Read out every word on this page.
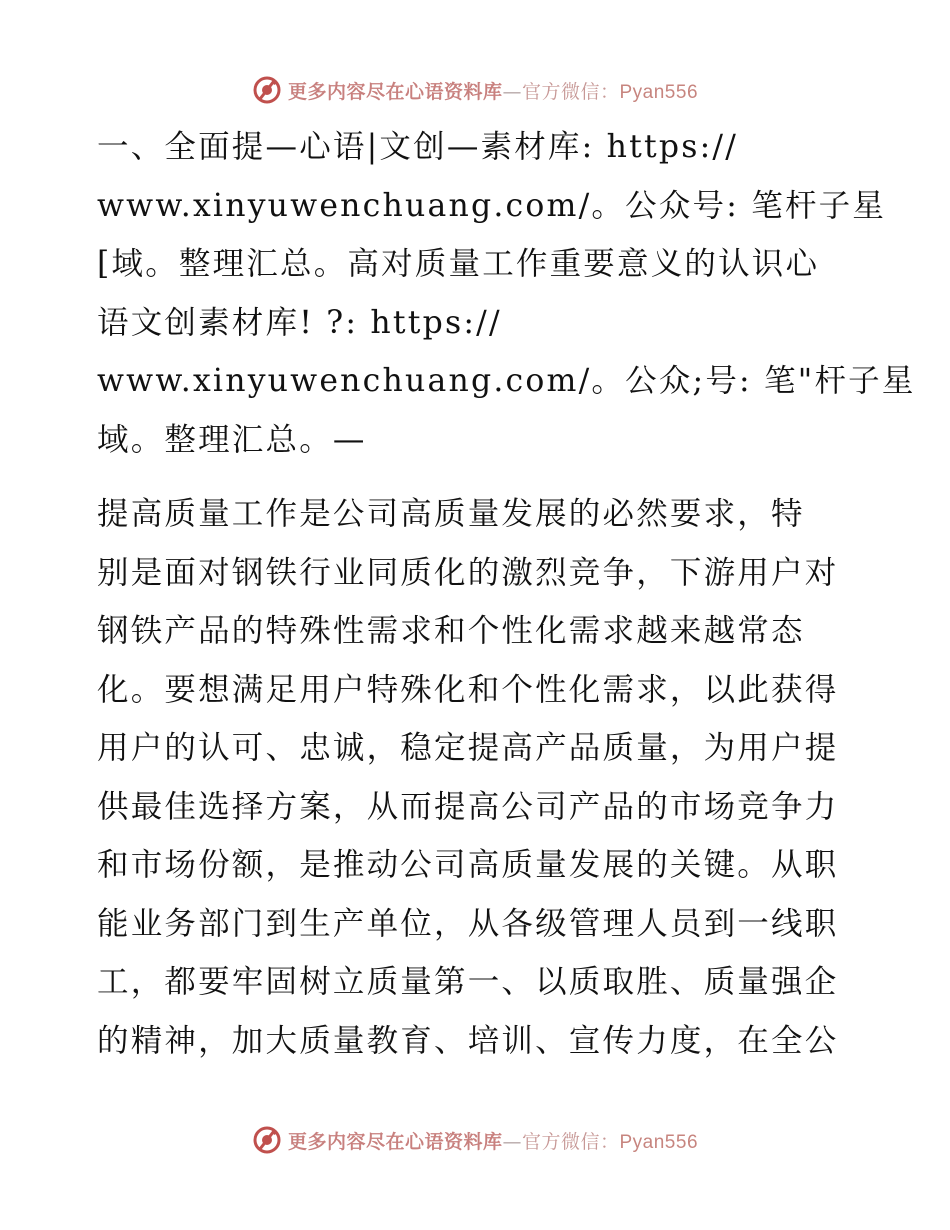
更多内容尽在心语资料库—官方微信：Pyan556
一、全面提—心语|文创—素材库: https://
www.xinyuwenchuang.com/。公众号: 笔杆子星
[域。整理汇总。高对质量工作重要意义的认识心
语文创素材库! ?: https://
www.xinyuwenchuang.com/。公众;号: 笔"杆子星
域。整理汇总。—
提高质量工作是公司高质量发展的必然要求，特
别是面对钢铁行业同质化的激烈竞争，下游用户对
钢铁产品的特殊性需求和个性化需求越来越常态
化。要想满足用户特殊化和个性化需求，以此获得
用户的认可、忠诚，稳定提高产品质量，为用户提
供最佳选择方案，从而提高公司产品的市场竞争力
和市场份额，是推动公司高质量发展的关键。从职
能业务部门到生产单位，从各级管理人员到一线职
工，都要牢固树立质量第一、以质取胜、质量强企
的精神，加大质量教育、培训、宣传力度，在全公
更多内容尽在心语资料库—官方微信：Pyan556
